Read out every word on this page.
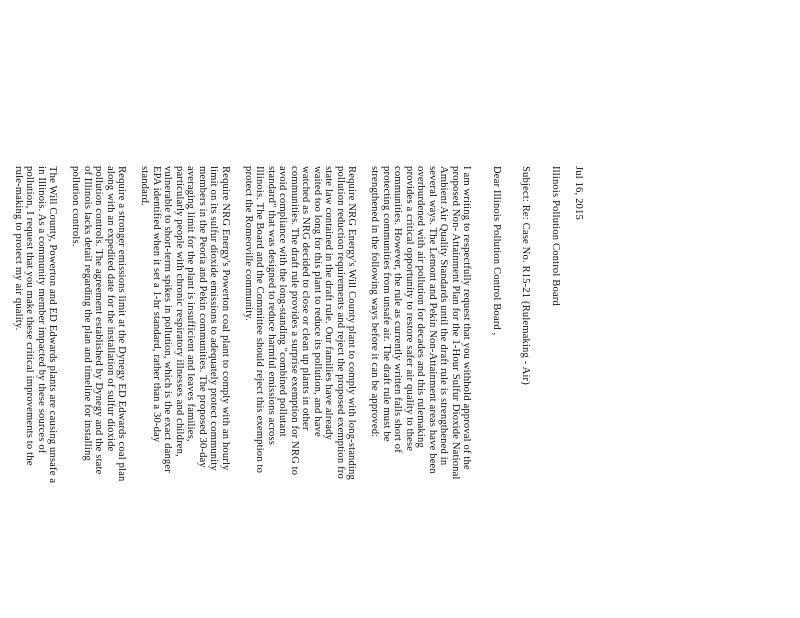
Jul 16, 2015
Illinois Pollution Control Board
Subject: Re: Case No. R15-21 (Rulemaking - Air)
Dear Illinois Pollution Control Board ,
I am writing to respectfully request that you withhold approval of the
proposed Non- Attainment Plan for the 1-Hour Sulfur Dioxide National
Ambient Air Quality Standards until the draft rule is strengthened in
several ways. The Lemont and Pekin Non-Attainment areas have been
overburdened with air pollution for decades and this rulemaking
provides a critical opportunity to restore safer air quality to these
communities. However, the rule as currently written falls short of
protecting communities from unsafe air. The draft rule must be
strengthened in the following ways before it can be approved:
Require NRG Energy's Will County plant to comply with long-standing
pollution reduction requirements and reject the proposed exemption fro
state law contained in the draft rule. Our families have already
waited too long for this plant to reduce its pollution, and have
watched as NRG decided to close or clean up plants in other
communities. The draft rule provides a surprise exemption for NRG to
avoid compliance with the long-standing "combined pollutant
standard" that was designed to reduce harmful emissions across
Illinois. The Board and the Committee should reject this exemption to
protect the Romeoville community.
Require NRG Energy's Powerton coal plant to comply with an hourly
limit on its sulfur dioxide emissions to adequately protect community
members in the Peoria and Pekin communities. The proposed 30-day
averaging limit for the plant is insufficient and leaves families,
particularly people with chronic respiratory illnesses and children,
vulnerable to short-term spikes in pollution, which is the exact danger
EPA identified when it set a 1-hr standard, rather than a 30-day
standard.
Require a stronger emissions limit at the Dynegy ED Edwards coal plan
along with an expedited date for the installation of sulfur dioxide
pollution controls. The agreement established by Dynegy and the state
of Illinois lacks detail regarding the plan and timeline for installing
pollution controls.
The Will County, Powerton and ED Edwards plants are causing unsafe a
in Illinois. As a community member impacted by these sources of
pollution, I request that you make these critical improvements to the
rule-making to protect my air quality.
